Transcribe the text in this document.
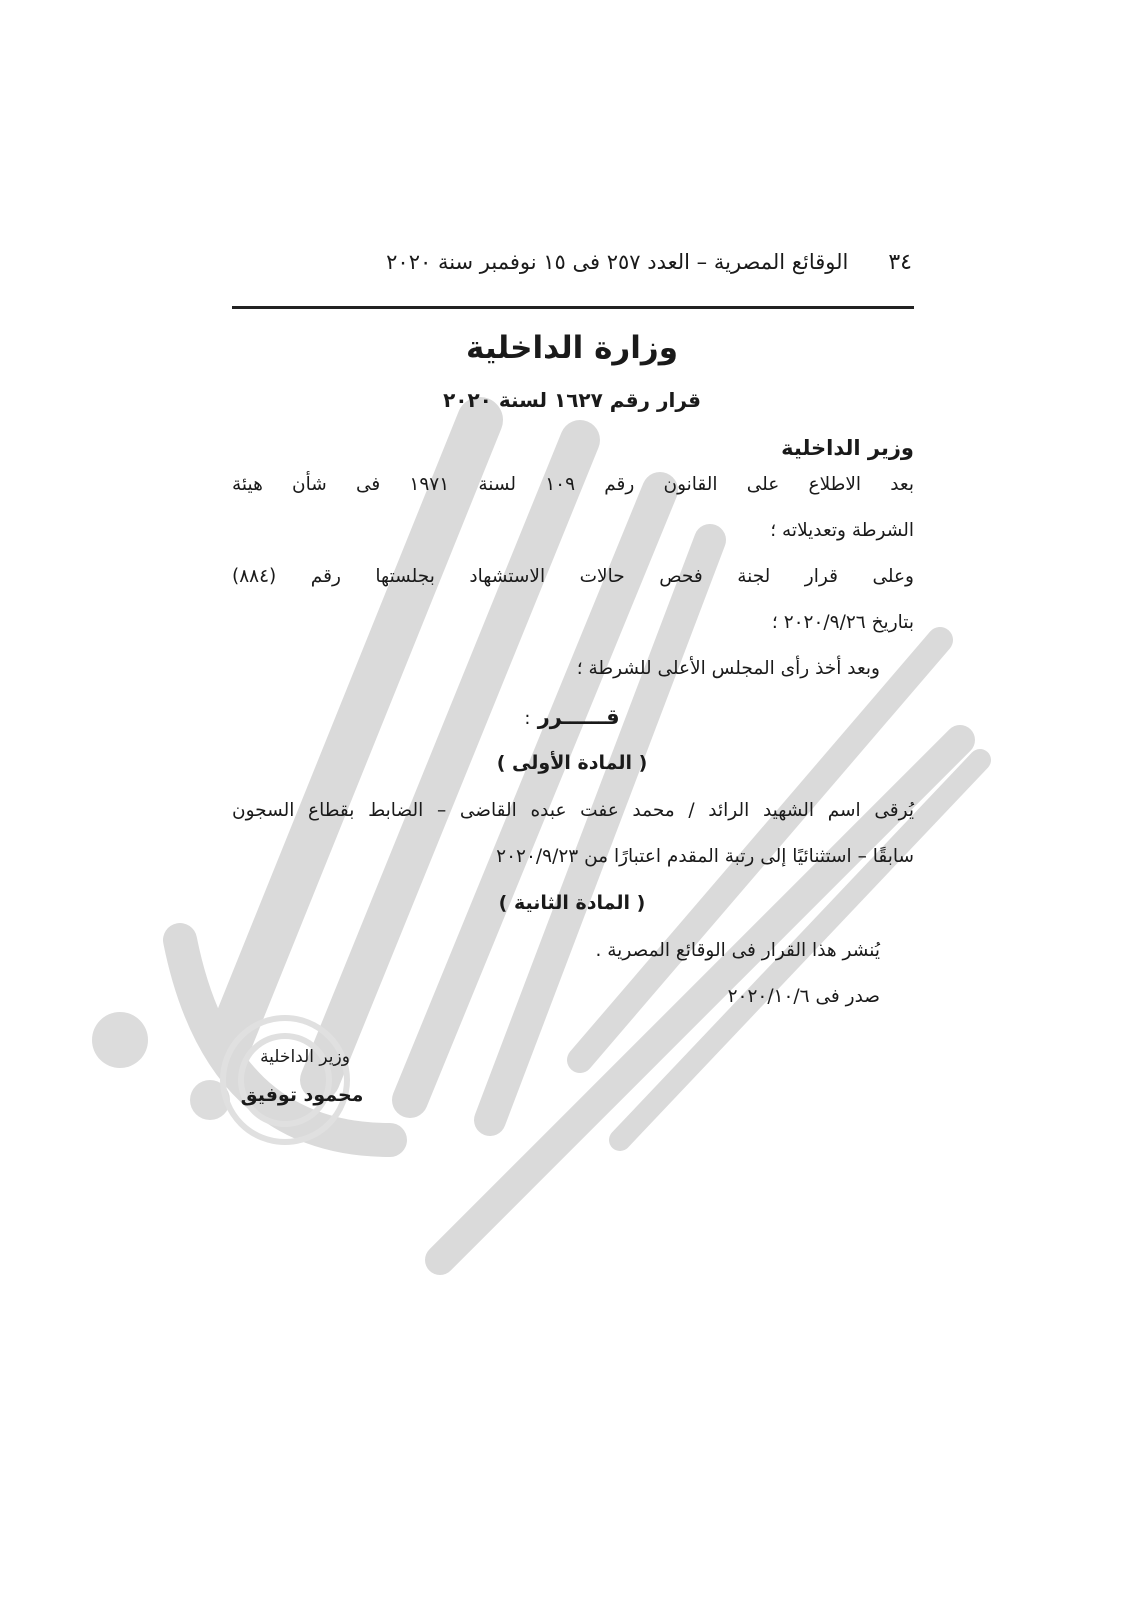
٣٤
الوقائع المصرية – العدد ٢٥٧ فى ١٥ نوفمبر سنة ٢٠٢٠
وزارة الداخلية
قرار رقم ١٦٢٧ لسنة ٢٠٢٠
وزير الداخلية
بعد الاطلاع على القانون رقم ١٠٩ لسنة ١٩٧١ فى شأن هيئة
الشرطة وتعديلاته ؛
وعلى قرار لجنة فحص حالات الاستشهاد بجلستها رقم (٨٨٤)
بتاريخ ٢٠٢٠/٩/٢٦ ؛
وبعد أخذ رأى المجلس الأعلى للشرطة ؛
قــــــرر :
( المادة الأولى )
يُرقى اسم الشهيد الرائد / محمد عفت عبده القاضى – الضابط بقطاع السجون
سابقًا – استثنائيًا إلى رتبة المقدم اعتبارًا من ٢٠٢٠/٩/٢٣
( المادة الثانية )
يُنشر هذا القرار فى الوقائع المصرية .
صدر فى ٢٠٢٠/١٠/٦
وزير الداخلية
محمود توفيق
